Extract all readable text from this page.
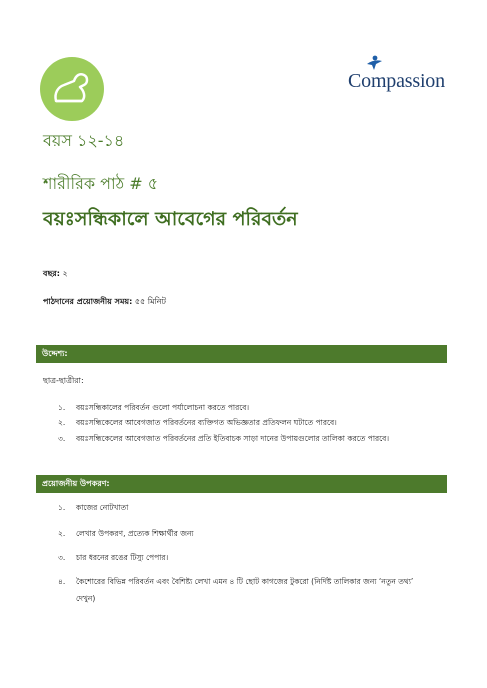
Compassion
বয়স ১২-১৪
শারীরিক পাঠ # ৫
বয়ঃসন্ধিকালে আবেগের পরিবর্তন
বছর: ২
পাঠদানের প্রয়োজনীয় সময়: ৫৫ মিনিট
উদ্দেশ্য:
ছাত্র-ছাত্রীরা:
১. বয়ঃসন্ধিকালের পরিবর্তন গুলো পর্যালোচনা করতে পারবে।
২. বয়ঃসন্ধিকেলের আবেগজাত পরিবর্তনের ব্যক্তিগত অভিজ্ঞতার প্রতিফলন ঘটাতে পারবে।
৩. বয়ঃসন্ধিকেলের আবেগজাত পরিবর্তনের প্রতি ইতিবাচক সাড়া দানের উপায়গুলোর তালিকা করতে পারবে।
প্রয়োজনীয় উপকরণ:
১. কাজের নোটখাতা
২. লেখার উপকরণ, প্রত্যেক শিক্ষার্থীর জন্য
৩. চার ধরনের রঙের টিস্যু পেপার।
৪. কৈশোরের বিভিন্ন পরিবর্তন এবং বৈশিষ্ট্য লেখা এমন ৪ টি ছোট কাগজের টুকরো (নির্দিষ্ট তালিকার জন্য ‘নতুন তথ্য’
দেখুন)
